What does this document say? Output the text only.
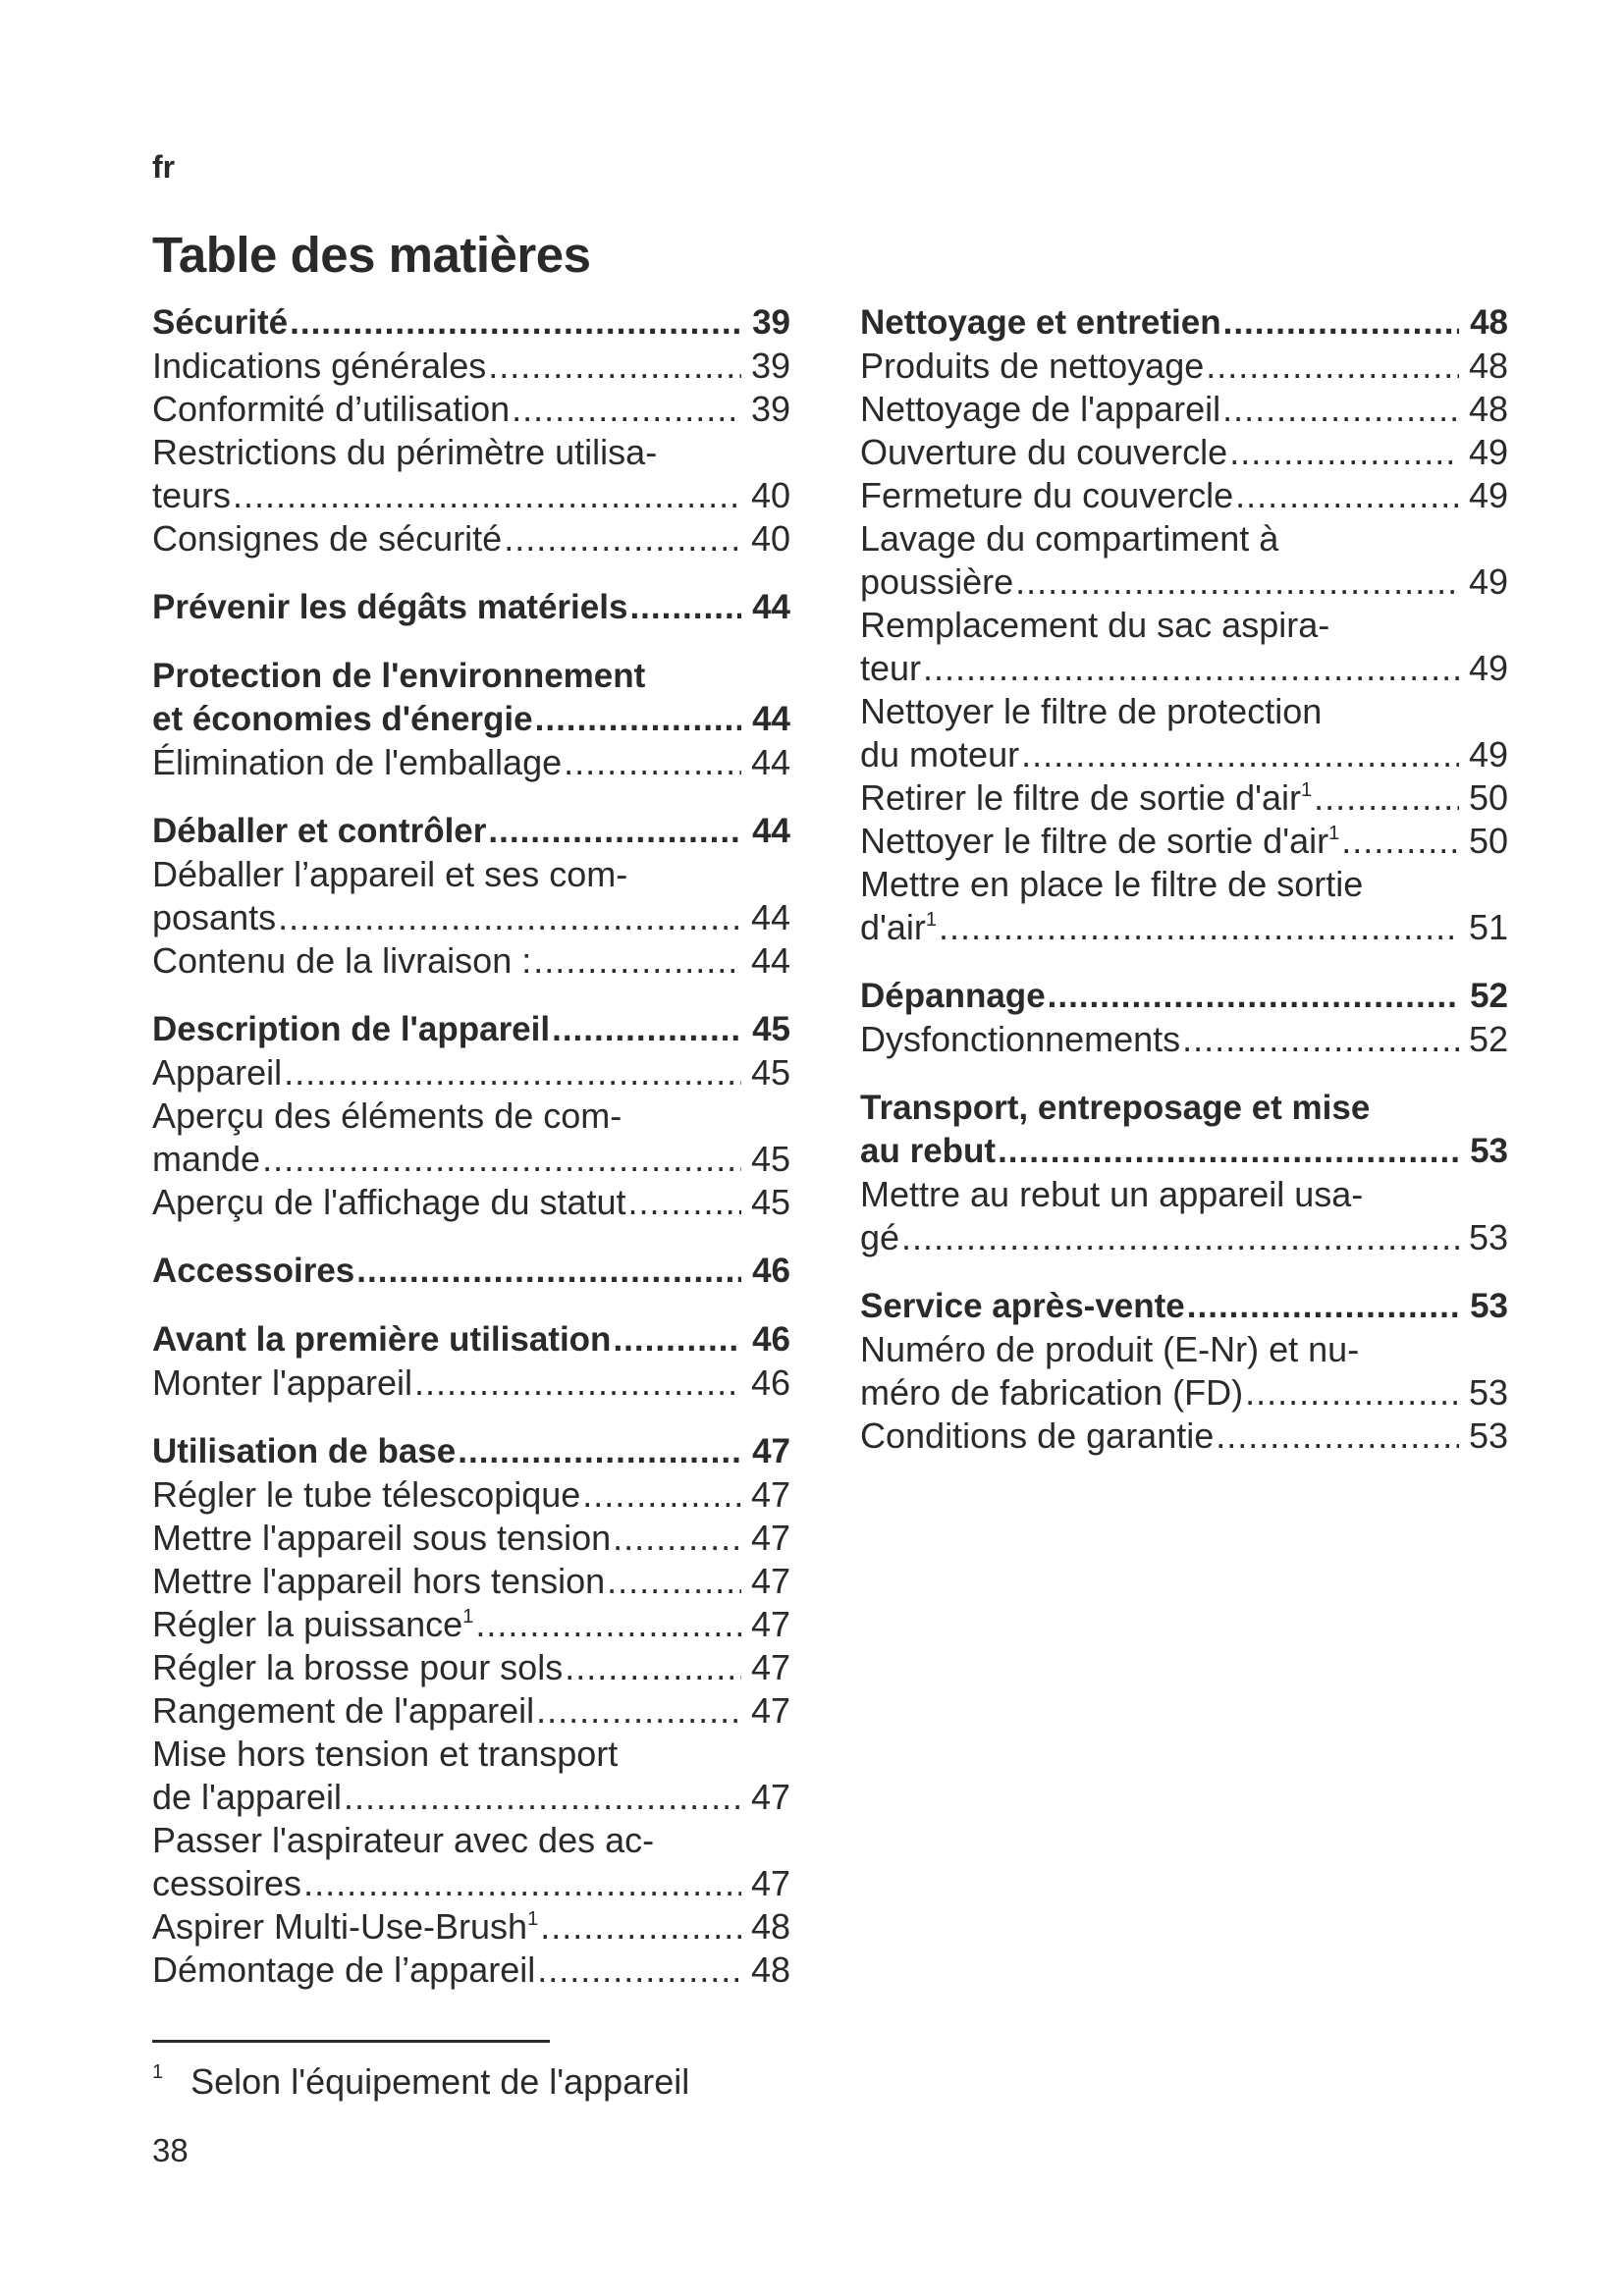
fr
Table des matières
Sécurité .....	39
Indications générales .....	39
Conformité d’utilisation .....	39
Restrictions du périmètre utilisa-
teurs .....	40
Consignes de sécurité .....	40
Prévenir les dégâts matériels .....	44
Protection de l'environnement
et économies d'énergie .....	44
Élimination de l'emballage .....	44
Déballer et contrôler .....	44
Déballer l’appareil et ses com-
posants .....	44
Contenu de la livraison : .....	44
Description de l'appareil .....	45
Appareil .....	45
Aperçu des éléments de com-
mande .....	45
Aperçu de l'affichage du statut .....	45
Accessoires .....	46
Avant la première utilisation .....	46
Monter l'appareil .....	46
Utilisation de base .....	47
Régler le tube télescopique .....	47
Mettre l'appareil sous tension .....	47
Mettre l'appareil hors tension .....	47
Régler la puissance$^1$ .....	47
Régler la brosse pour sols .....	47
Rangement de l'appareil .....	47
Mise hors tension et transport
de l'appareil .....	47
Passer l'aspirateur avec des ac-
cessoires .....	47
Aspirer Multi-Use-Brush$^1$ .....	48
Démontage de l’appareil .....	48
Nettoyage et entretien .....	48
Produits de nettoyage .....	48
Nettoyage de l'appareil .....	48
Ouverture du couvercle .....	49
Fermeture du couvercle .....	49
Lavage du compartiment à
poussière .....	49
Remplacement du sac aspira-
teur .....	49
Nettoyer le filtre de protection
du moteur .....	49
Retirer le filtre de sortie d'air$^1$ .....	50
Nettoyer le filtre de sortie d'air$^1$ .....	50
Mettre en place le filtre de sortie
d'air$^1$ .....	51
Dépannage .....	52
Dysfonctionnements .....	52
Transport, entreposage et mise
au rebut .....	53
Mettre au rebut un appareil usa-
gé .....	53
Service après-vente .....	53
Numéro de produit (E-Nr) et nu-
méro de fabrication (FD) .....	53
Conditions de garantie .....	53
$^1$ Selon l'équipement de l'appareil
38
